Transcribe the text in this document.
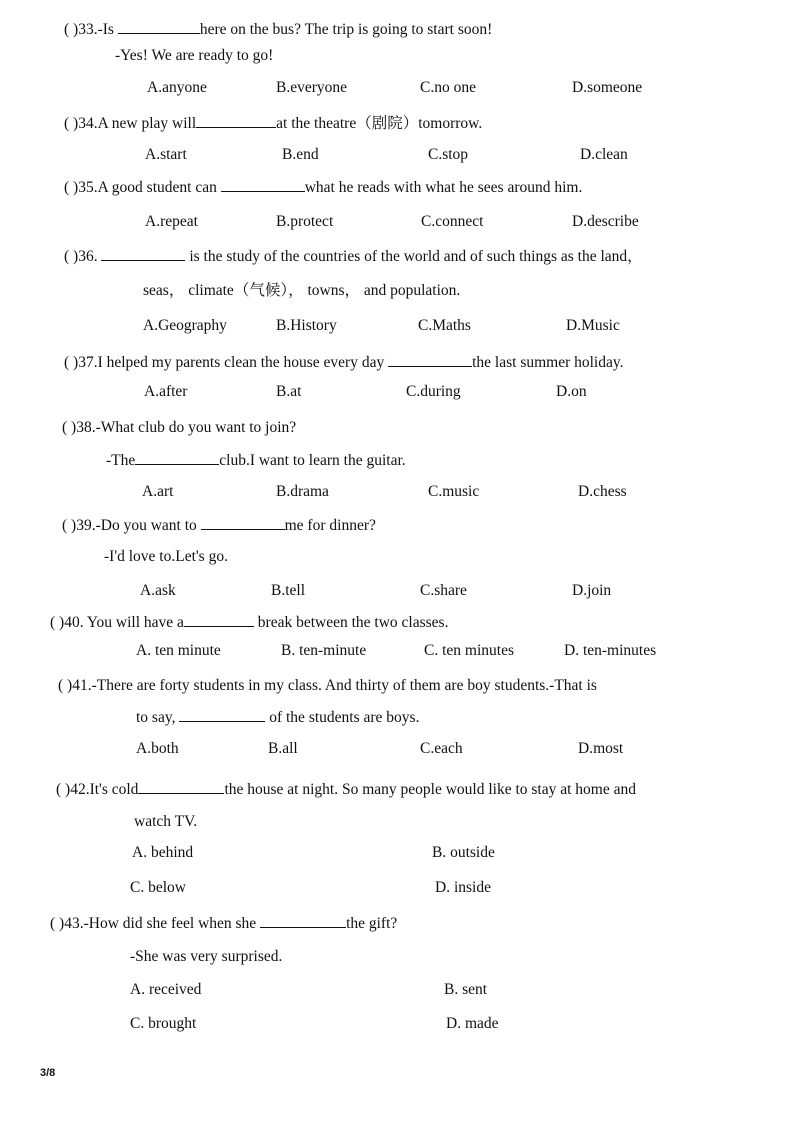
( )33.-Is	here on the bus? The trip is going to start soon!
-Yes! We are ready to go!
A.anyone	B.everyone	C.no one	D.someone
( )34.A new play will	at the theatre（剧院）tomorrow.
A.start	B.end	C.stop	D.clean
( )35.A good student can	what he reads with what he sees around him.
A.repeat	B.protect	C.connect	D.describe
( )36.	is the study of the countries of the world and of such things as the land，
seas， climate（气候）， towns， and population.
A.Geography	B.History	C.Maths	D.Music
( )37.I helped my parents clean the house every day	the last summer holiday.
A.after	B.at	C.during	D.on
( )38.-What club do you want to join?
-The	club.I want to learn the guitar.
A.art	B.drama	C.music	D.chess
( )39.-Do you want to	me for dinner?
-I'd love to.Let's go.
A.ask	B.tell	C.share	D.join
( )40. You will have a	break between the two classes.
A. ten minute	B. ten-minute	C. ten minutes	D. ten-minutes
( )41.-There are forty students in my class. And thirty of them are boy students.-That is
to say,	of the students are boys.
A.both	B.all	C.each	D.most
( )42.It's cold	the house at night. So many people would like to stay at home and
watch TV.
A. behind	B. outside
C. below	D. inside
( )43.-How did she feel when she	the gift?
-She was very surprised.
A. received	B. sent
C. brought	D. made
3/8
